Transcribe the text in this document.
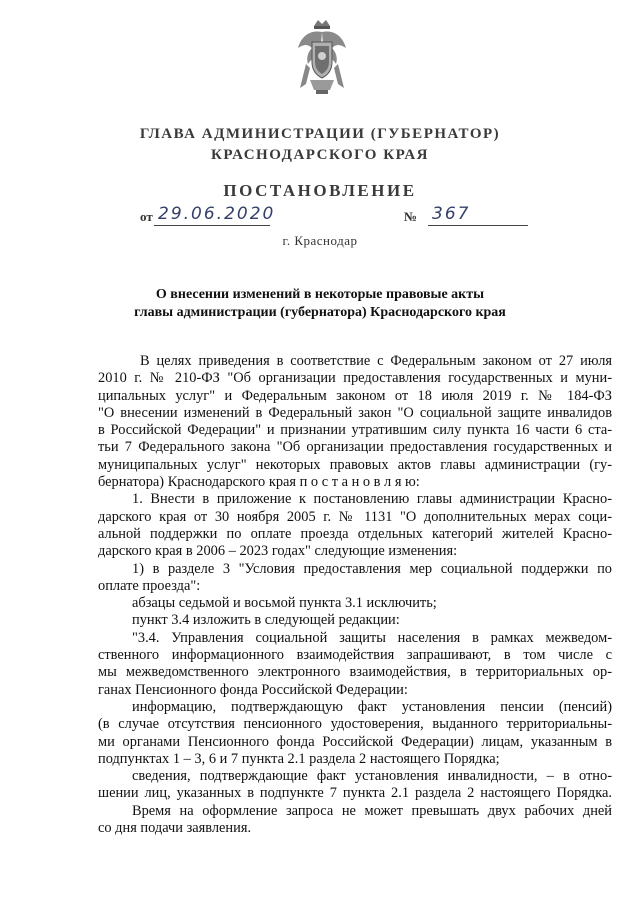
ГЛАВА АДМИНИСТРАЦИИ (ГУБЕРНАТОР)
КРАСНОДАРСКОГО КРАЯ
ПОСТАНОВЛЕНИЕ
от 29.06.2020	№ 367
г. Краснодар
О внесении изменений в некоторые правовые акты
главы администрации (губернатора) Краснодарского края
В целях приведения в соответствие с Федеральным законом от 27 июля
2010 г. № 210-ФЗ "Об организации предоставления государственных и муни-
ципальных услуг" и Федеральным законом от 18 июля 2019 г. № 184-ФЗ
"О внесении изменений в Федеральный закон "О социальной защите инвалидов
в Российской Федерации" и признании утратившим силу пункта 16 части 6 ста-
тьи 7 Федерального закона "Об организации предоставления государственных и
муниципальных услуг" некоторых правовых актов главы администрации (гу-
бернатора) Краснодарского края п о с т а н о в л я ю:
1. Внести в приложение к постановлению главы администрации Красно-
дарского края от 30 ноября 2005 г. № 1131 "О дополнительных мерах соци-
альной поддержки по оплате проезда отдельных категорий жителей Красно-
дарского края в 2006 – 2023 годах" следующие изменения:
1) в разделе 3 "Условия предоставления мер социальной поддержки по
оплате проезда":
абзацы седьмой и восьмой пункта 3.1 исключить;
пункт 3.4 изложить в следующей редакции:
"3.4. Управления социальной защиты населения в рамках межведом-
ственного информационного взаимодействия запрашивают, в том числе с
мы межведомственного электронного взаимодействия, в территориальных ор-
ганах Пенсионного фонда Российской Федерации:
информацию, подтверждающую факт установления пенсии (пенсий)
(в случае отсутствия пенсионного удостоверения, выданного территориальны-
ми органами Пенсионного фонда Российской Федерации) лицам, указанным в
подпунктах 1 – 3, 6 и 7 пункта 2.1 раздела 2 настоящего Порядка;
сведения, подтверждающие факт установления инвалидности, – в отно-
шении лиц, указанных в подпункте 7 пункта 2.1 раздела 2 настоящего Порядка.
Время на оформление запроса не может превышать двух рабочих дней
со дня подачи заявления.
